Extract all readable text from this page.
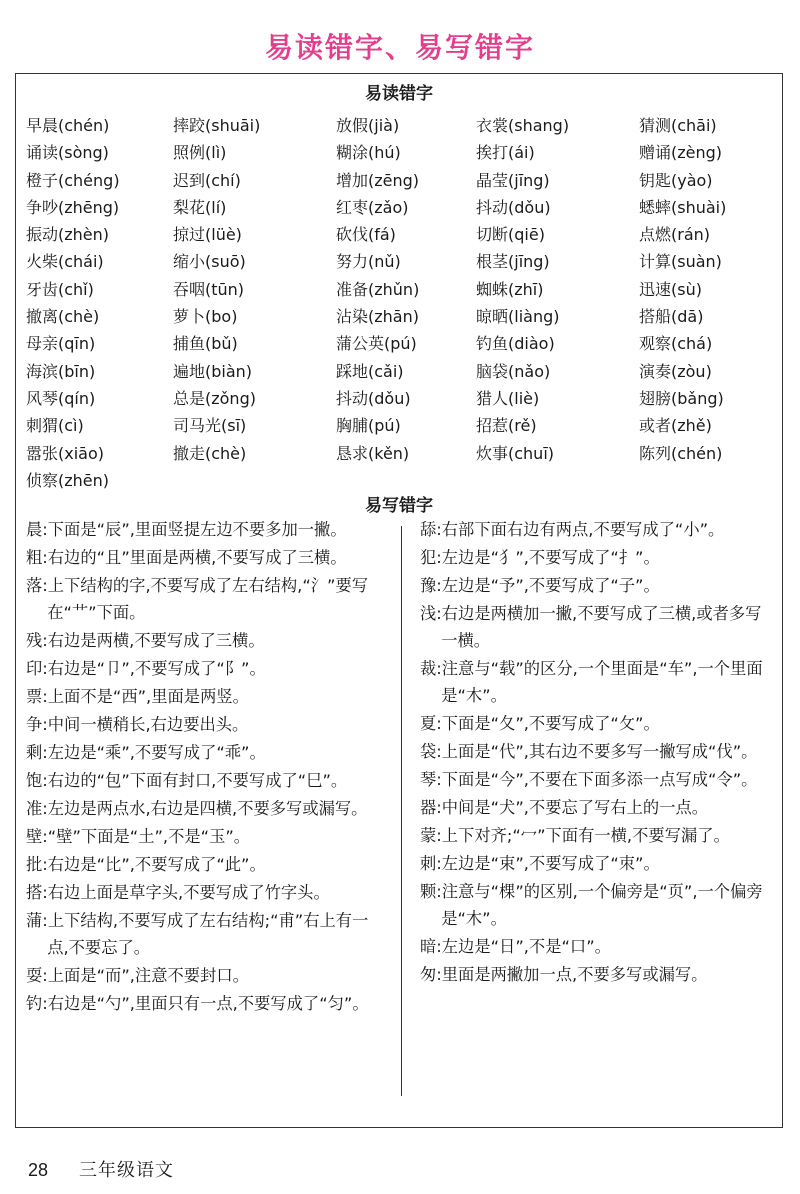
易读错字、易写错字
易读错字
早晨(chén)	摔跤(shuāi)	放假(jià)	衣裳(shang)	猜测(chāi)
诵读(sòng)	照例(lì)	糊涂(hú)	挨打(ái)	赠诵(zèng)
橙子(chéng)	迟到(chí)	增加(zēng)	晶莹(jīng)	钥匙(yào)
争吵(zhēng)	梨花(lí)	红枣(zǎo)	抖动(dǒu)	蟋蟀(shuài)
振动(zhèn)	掠过(lüè)	砍伐(fá)	切断(qiē)	点燃(rán)
火柴(chái)	缩小(suō)	努力(nǔ)	根茎(jīng)	计算(suàn)
牙齿(chǐ)	吞咽(tūn)	准备(zhǔn)	蜘蛛(zhī)	迅速(sù)
撤离(chè)	萝卜(bo)	沾染(zhān)	晾晒(liàng)	搭船(dā)
母亲(qīn)	捕鱼(bǔ)	蒲公英(pú)	钓鱼(diào)	观察(chá)
海滨(bīn)	遍地(biàn)	踩地(cǎi)	脑袋(nǎo)	演奏(zòu)
风琴(qín)	总是(zǒng)	抖动(dǒu)	猎人(liè)	翅膀(bǎng)
刺猬(cì)	司马光(sī)	胸脯(pú)	招惹(rě)	或者(zhě)
嚣张(xiāo)	撤走(chè)	恳求(kěn)	炊事(chuī)	陈列(chén)
侦察(zhēn)
易写错字
晨:下面是“辰”,里面竖提左边不要多加一撇。
粗:右边的“且”里面是两横,不要写成了三横。
落:上下结构的字,不要写成了左右结构,“氵”要写在“艹”下面。
残:右边是两横,不要写成了三横。
印:右边是“卩”,不要写成了“阝”。
票:上面不是“西”,里面是两竖。
争:中间一横稍长,右边要出头。
剩:左边是“乘”,不要写成了“乖”。
饱:右边的“包”下面有封口,不要写成了“巳”。
准:左边是两点水,右边是四横,不要多写或漏写。
壁:“壁”下面是“土”,不是“玉”。
批:右边是“比”,不要写成了“此”。
搭:右边上面是草字头,不要写成了竹字头。
蒲:上下结构,不要写成了左右结构;“甫”右上有一点,不要忘了。
耍:上面是“而”,注意不要封口。
钓:右边是“勺”,里面只有一点,不要写成了“匀”。
舔:右部下面右边有两点,不要写成了“小”。
犯:左边是“犭”,不要写成了“扌”。
豫:左边是“予”,不要写成了“子”。
浅:右边是两横加一撇,不要写成了三横,或者多写一横。
裁:注意与“载”的区分,一个里面是“车”,一个里面是“木”。
夏:下面是“夂”,不要写成了“攵”。
袋:上面是“代”,其右边不要多写一撇写成“伐”。
琴:下面是“今”,不要在下面多添一点写成“令”。
器:中间是“犬”,不要忘了写右上的一点。
蒙:上下对齐;“冖”下面有一横,不要写漏了。
刺:左边是“束”,不要写成了“朿”。
颗:注意与“棵”的区别,一个偏旁是“页”,一个偏旁是“木”。
暗:左边是“日”,不是“口”。
匆:里面是两撇加一点,不要多写或漏写。
28 三年级语文
